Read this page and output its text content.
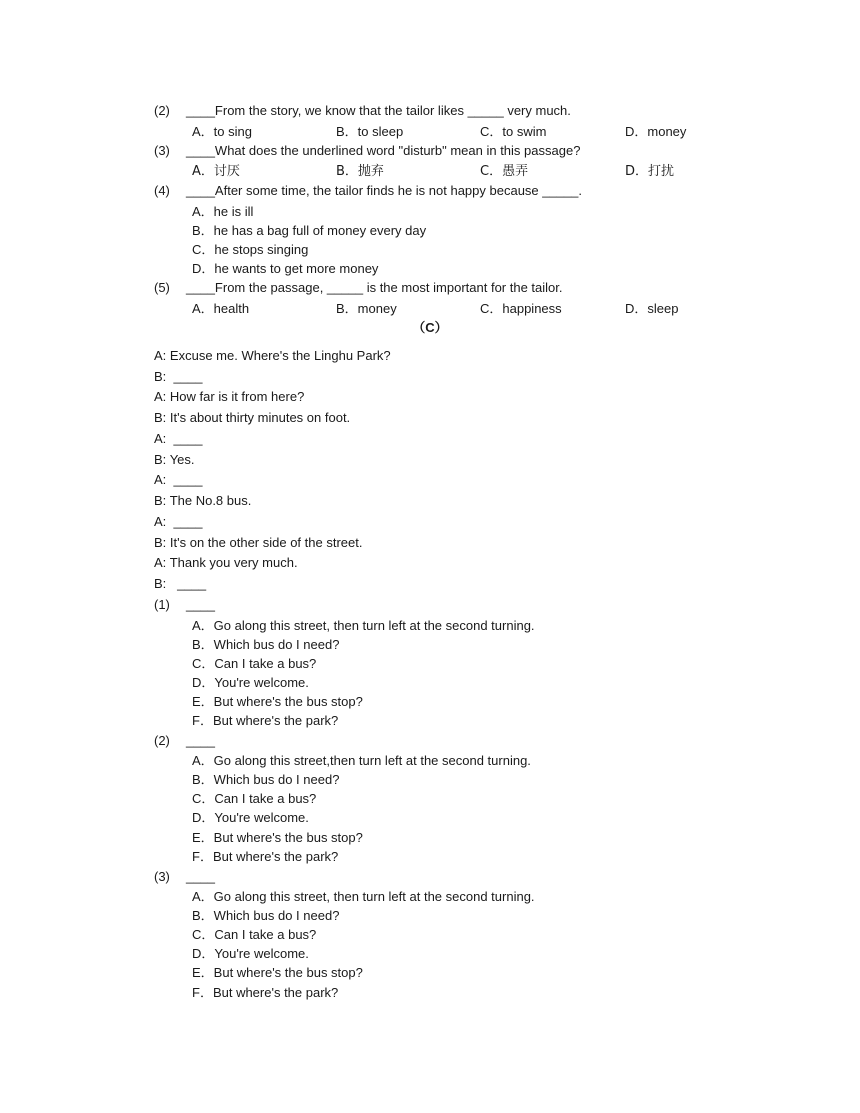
(2) ____From the story, we know that the tailor likes _____ very much.
A．to sing	B．to sleep	C．to swim	D．money
(3) ____What does the underlined word "disturb" mean in this passage?
A．讨厌	B．抛弃	C．愚弄	D．打扰
(4) ____After some time, the tailor finds he is not happy because _____.
A．he is ill
B．he has a bag full of money every day
C．he stops singing
D．he wants to get more money
(5) ____From the passage, _____ is the most important for the tailor.
A．health	B．money	C．happiness	D．sleep
（C）
A: Excuse me. Where's the Linghu Park?
B: ____
A: How far is it from here?
B: It's about thirty minutes on foot.
A: ____
B: Yes.
A: ____
B: The No.8 bus.
A: ____
B: It's on the other side of the street.
A: Thank you very much.
B: ____
(1) ____
A．Go along this street, then turn left at the second turning.
B．Which bus do I need?
C．Can I take a bus?
D．You're welcome.
E．But where's the bus stop?
F．But where's the park?
(2) ____
A．Go along this street,then turn left at the second turning.
B．Which bus do I need?
C．Can I take a bus?
D．You're welcome.
E．But where's the bus stop?
F．But where's the park?
(3) ____
A．Go along this street, then turn left at the second turning.
B．Which bus do I need?
C．Can I take a bus?
D．You're welcome.
E．But where's the bus stop?
F．But where's the park?
